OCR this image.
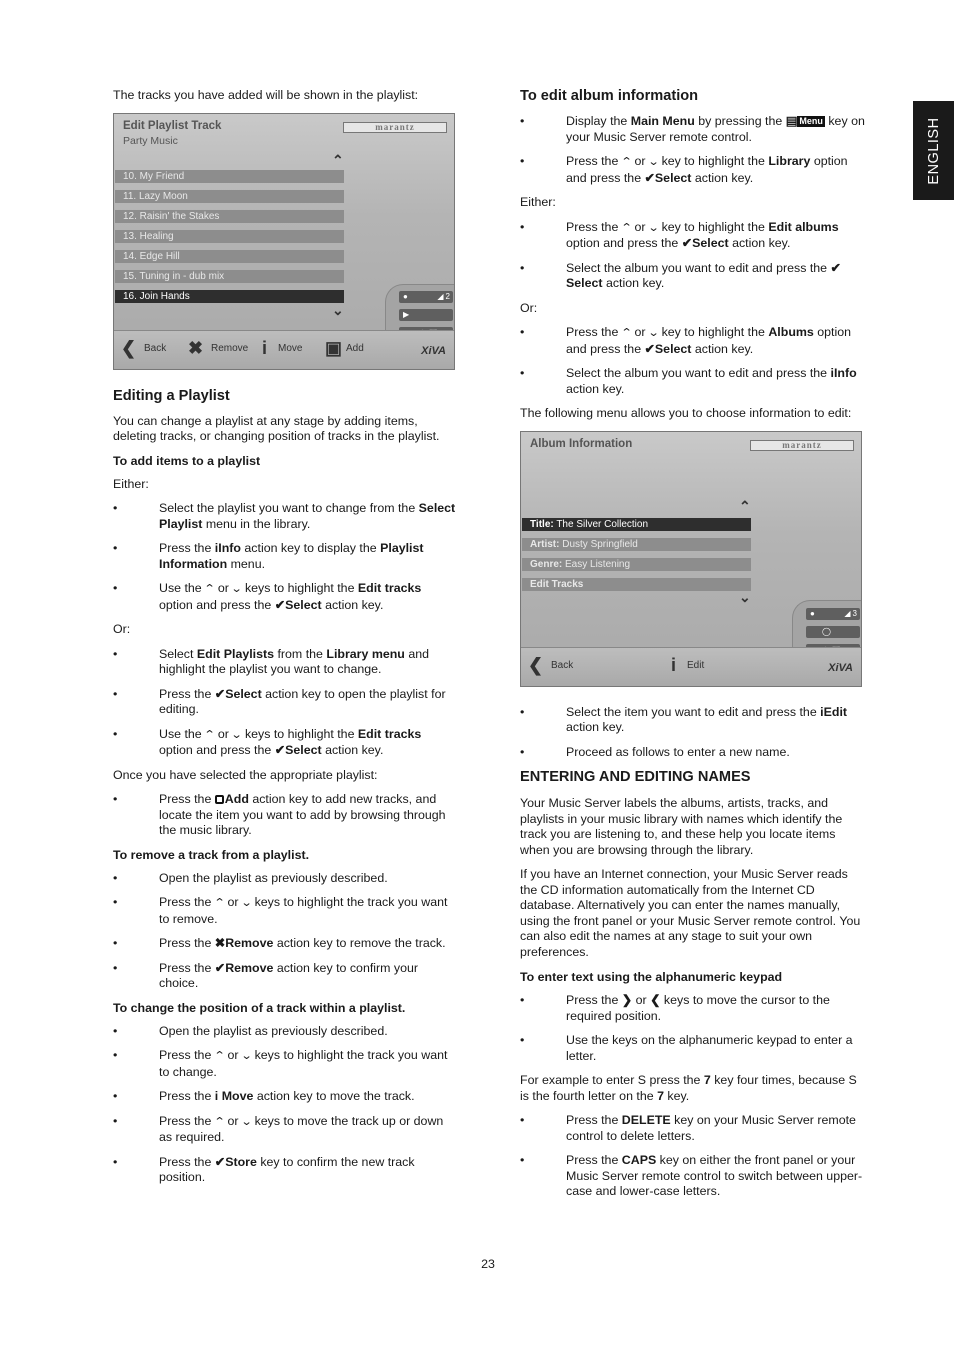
ENGLISH

The tracks you have added will be shown in the playlist:

Edit Playlist Track
Party Music
marantz
⌃
10. My Friend
11. Lazy Moon
12. Raisin' the Stakes
13. Healing
14. Edge Hill
15. Tuning in - dub mix
16. Join Hands
⌄
●	2
◢
▶
❮ Back ✖ Remove i Move ▣ Add	XiVA
Editing a Playlist

You can change a playlist at any stage by adding items, deleting tracks, or changing position of tracks in the playlist.

To add items to a playlist
Either:
•	Select the playlist you want to change from the Select Playlist menu in the library.
•	Press the iInfo action key to display the Playlist Information menu.
•	Use the ⌃ or ⌄ keys to highlight the Edit tracks option and press the ✔Select action key.
Or:
•	Select Edit Playlists from the Library menu and highlight the playlist you want to change.
•	Press the ✔Select action key to open the playlist for editing.
•	Use the ⌃ or ⌄ keys to highlight the Edit tracks option and press the ✔Select action key.

Once you have selected the appropriate playlist:

•	Press the Add action key to add new tracks, and locate the item you want to add by browsing through the music library.
To remove a track from a playlist.
•	Open the playlist as previously described.
•	Press the ⌃ or ⌄ keys to highlight the track you want to remove.
•	Press the ✖Remove action key to remove the track.
•	Press the ✔Remove action key to confirm your choice.
To change the position of a track within a playlist.
•	Open the playlist as previously described.
•	Press the ⌃ or ⌄ keys to highlight the track you want to change.
•	Press the i Move action key to move the track.
•	Press the ⌃ or ⌄ keys to move the track up or down as required.
•	Press the ✔Store key to confirm the new track position.
To edit album information
•	Display the Main Menu by pressing the ▤ Menu key on your Music Server remote control.
•	Press the ⌃ or ⌄ key to highlight the Library option and press the ✔Select action key.
Either:
•	Press the ⌃ or ⌄ key to highlight the Edit albums option and press the ✔Select action key.
•	Select the album you want to edit and press the ✔Select action key.
Or:
•	Press the ⌃ or ⌄ key to highlight the Albums option and press the ✔Select action key.
•	Select the album you want to edit and press the iInfo action key.

The following menu allows you to choose information to edit:

Album Information	marantz
⌃
Title: The Silver Collection
Artist: Dusty Springfield
Genre: Easy Listening
Edit Tracks
⌄
●	3
◢
◯
❮ Back	i Edit	XiVA
•	Select the item you want to edit and press the iEdit action key.
•	Proceed as follows to enter a new name.
ENTERING AND EDITING NAMES

Your Music Server labels the albums, artists, tracks, and playlists in your music library with names which identify the track you are listening to, and these help you locate items when you are browsing through the library.

If you have an Internet connection, your Music Server reads the CD information automatically from the Internet CD database. Alternatively you can enter the names manually, using the front panel or your Music Server remote control. You can also edit the names at any stage to suit your own preferences.

To enter text using the alphanumeric keypad
•	Press the ❯ or ❮ keys to move the cursor to the required position.
•	Use the keys on the alphanumeric keypad to enter a letter.

For example to enter S press the 7 key four times, because S is the fourth letter on the 7 key.

•	Press the DELETE key on your Music Server remote control to delete letters.
•	Press the CAPS key on either the front panel or your Music Server remote control to switch between upper-case and lower-case letters.
23
